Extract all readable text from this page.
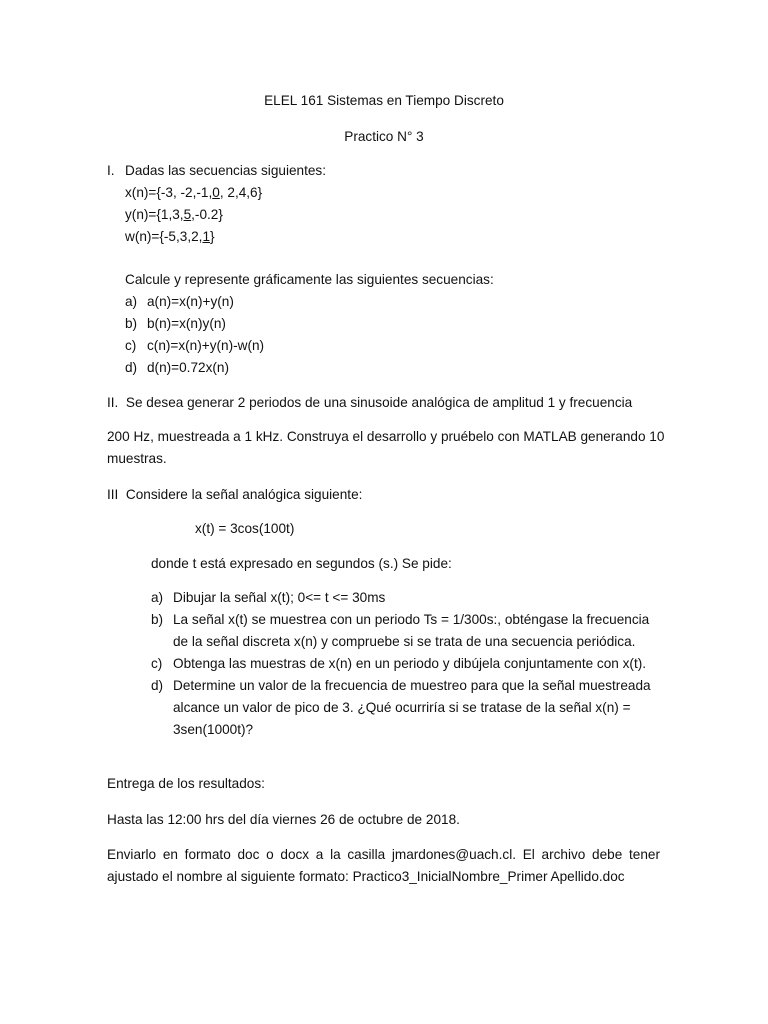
ELEL 161 Sistemas en Tiempo Discreto
Practico N° 3
I. Dadas las secuencias siguientes:
x(n)={-3, -2,-1,0, 2,4,6}
y(n)={1,3,5,-0.2}
w(n)={-5,3,2,1}
Calcule y represente gráficamente las siguientes secuencias:
a) a(n)=x(n)+y(n)
b) b(n)=x(n)y(n)
c) c(n)=x(n)+y(n)-w(n)
d) d(n)=0.72x(n)
II.  Se desea generar 2 periodos de una sinusoide analógica de amplitud 1 y frecuencia
200 Hz, muestreada a 1 kHz. Construya el desarrollo y pruébelo con MATLAB generando 10
muestras.
III  Considere la señal analógica siguiente:
x(t) = 3cos(100t)
donde t está expresado en segundos (s.) Se pide:
a) Dibujar la señal x(t); 0<= t <= 30ms
b) La señal x(t) se muestrea con un periodo Ts = 1/300s:, obténgase la frecuencia
de la señal discreta x(n) y compruebe si se trata de una secuencia periódica.
c) Obtenga las muestras de x(n) en un periodo y dibújela conjuntamente con x(t).
d) Determine un valor de la frecuencia de muestreo para que la señal muestreada
alcance un valor de pico de 3. ¿Qué ocurriría si se tratase de la señal x(n) =
3sen(1000t)?
Entrega de los resultados:
Hasta las 12:00 hrs del día viernes 26 de octubre de 2018.
Enviarlo en formato doc o docx a la casilla jmardones@uach.cl. El archivo debe tener
ajustado el nombre al siguiente formato: Practico3_InicialNombre_Primer Apellido.doc
